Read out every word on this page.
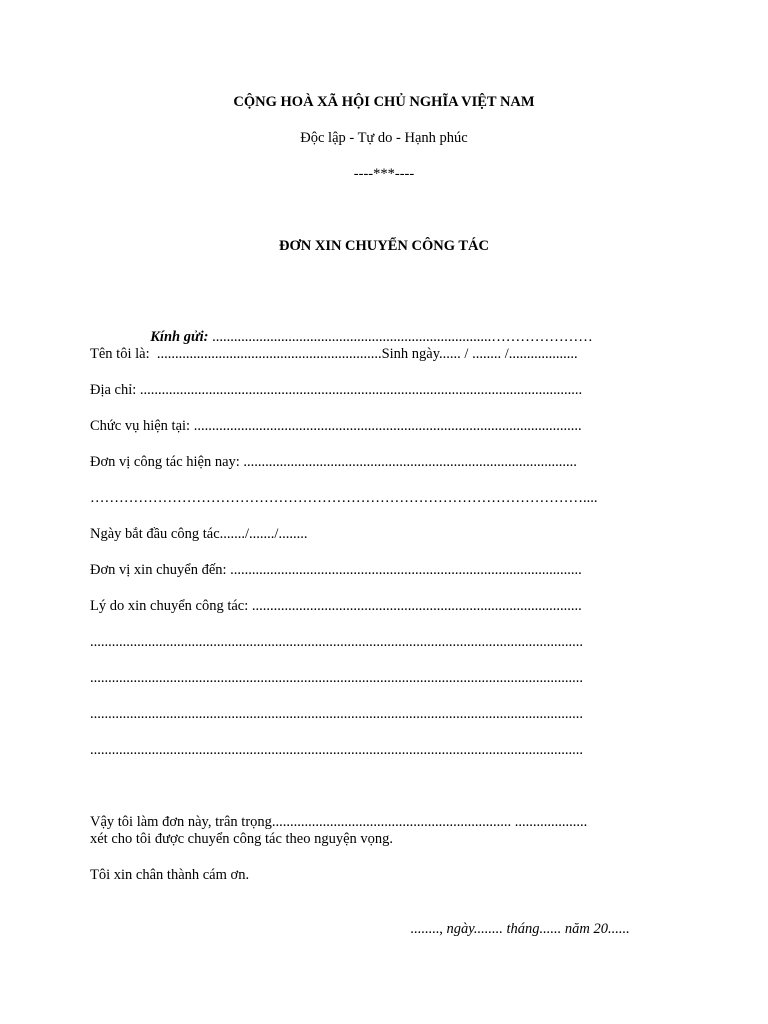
CỘNG HOÀ XÃ HỘI CHỦ NGHĨA VIỆT NAM
Độc lập - Tự do - Hạnh phúc
----***----
ĐƠN XIN CHUYỂN CÔNG TÁC

Kính gửi: .............................................................................…………………

Tên tôi là:  ..............................................................Sinh ngày...... / ........ /...................
Địa chỉ: ..........................................................................................................................
Chức vụ hiện tại: ...........................................................................................................
Đơn vị công tác hiện nay: ............................................................................................
…………………………………………………………………………………………....
Ngày bắt đầu công tác......./......./........
Đơn vị xin chuyển đến: .................................................................................................
Lý do xin chuyển công tác: ...........................................................................................
........................................................................................................................................
........................................................................................................................................
........................................................................................................................................
........................................................................................................................................
Vậy tôi làm đơn này, trân trọng.................................................................. ....................
xét cho tôi được chuyển công tác theo nguyện vọng.
Tôi xin chân thành cám ơn.

........, ngày........ tháng...... năm 20......
